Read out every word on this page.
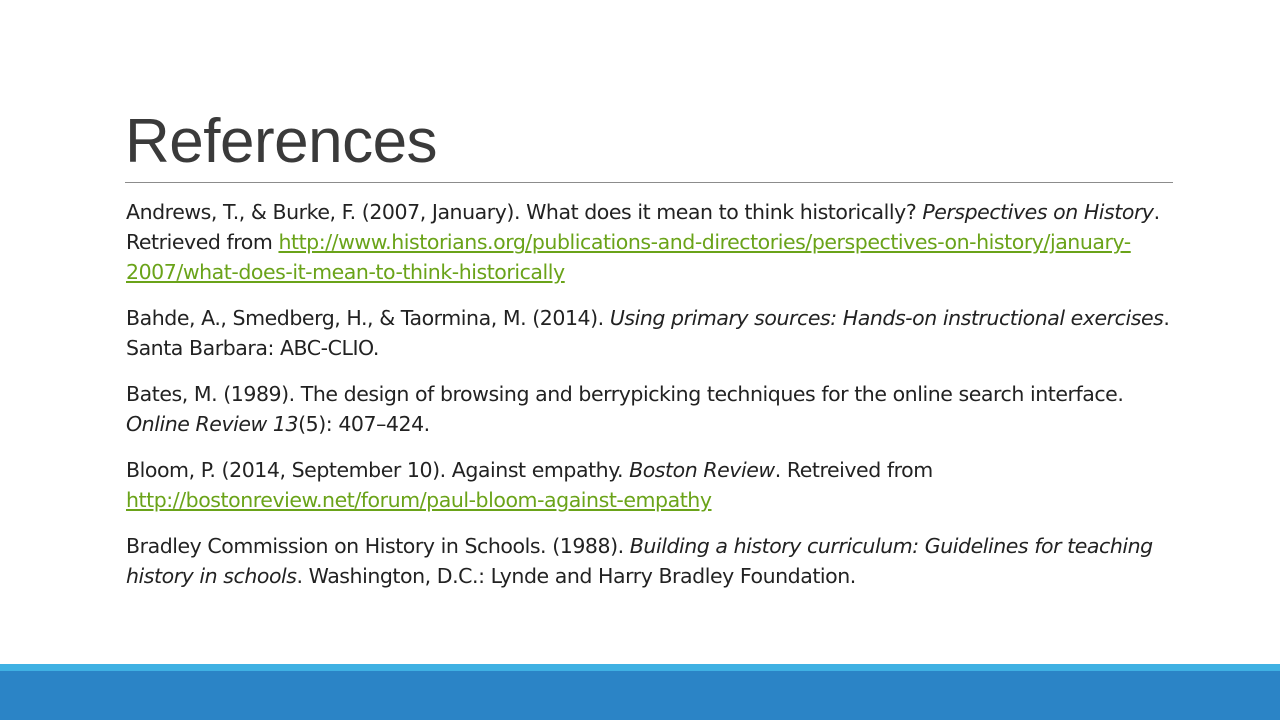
References

Andrews, T., & Burke, F. (2007, January). What does it mean to think historically? Perspectives on History. Retrieved from http://www.historians.org/publications-and-directories/perspectives-on-history/january-2007/what-does-it-mean-to-think-historically

Bahde, A., Smedberg, H., & Taormina, M. (2014). Using primary sources: Hands-on instructional exercises. Santa Barbara: ABC-CLIO.

Bates, M. (1989). The design of browsing and berrypicking techniques for the online search interface. Online Review 13(5): 407–424.

Bloom, P. (2014, September 10). Against empathy. Boston Review. Retreived from http://bostonreview.net/forum/paul-bloom-against-empathy

Bradley Commission on History in Schools. (1988). Building a history curriculum: Guidelines for teaching history in schools. Washington, D.C.: Lynde and Harry Bradley Foundation.
